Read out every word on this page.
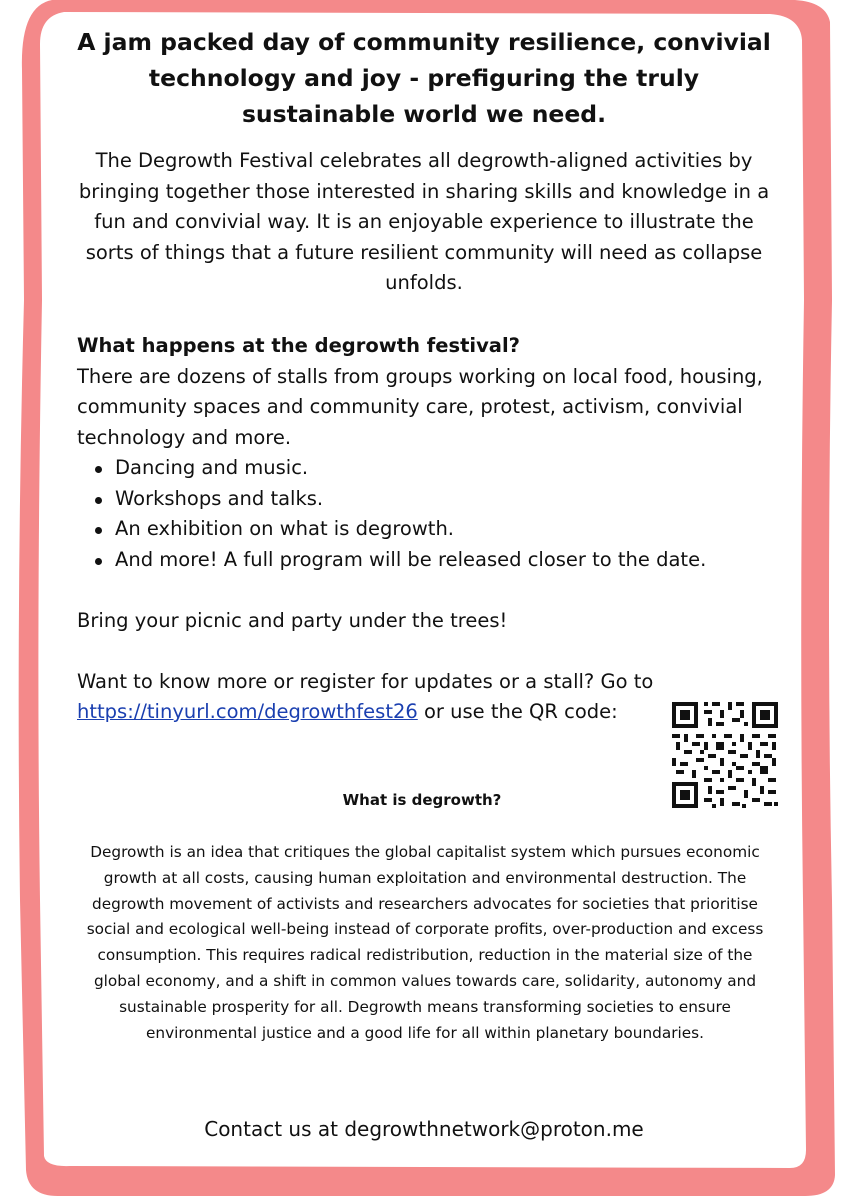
A jam packed day of community resilience, convivial technology and joy - prefiguring the truly sustainable world we need.

The Degrowth Festival celebrates all degrowth-aligned activities by bringing together those interested in sharing skills and knowledge in a fun and convivial way. It is an enjoyable experience to illustrate the sorts of things that a future resilient community will need as collapse unfolds.

What happens at the degrowth festival?

There are dozens of stalls from groups working on local food, housing, community spaces and community care, protest, activism, convivial technology and more.

Dancing and music.
Workshops and talks.
An exhibition on what is degrowth.
And more! A full program will be released closer to the date.

Bring your picnic and party under the trees!

Want to know more or register for updates or a stall? Go to

https://tinyurl.com/degrowthfest26 or use the QR code:

What is degrowth?

Degrowth is an idea that critiques the global capitalist system which pursues economic growth at all costs, causing human exploitation and environmental destruction. The degrowth movement of activists and researchers advocates for societies that prioritise social and ecological well-being instead of corporate profits, over-production and excess consumption. This requires radical redistribution, reduction in the material size of the global economy, and a shift in common values towards care, solidarity, autonomy and sustainable prosperity for all. Degrowth means transforming societies to ensure environmental justice and a good life for all within planetary boundaries.

Contact us at degrowthnetwork@proton.me
